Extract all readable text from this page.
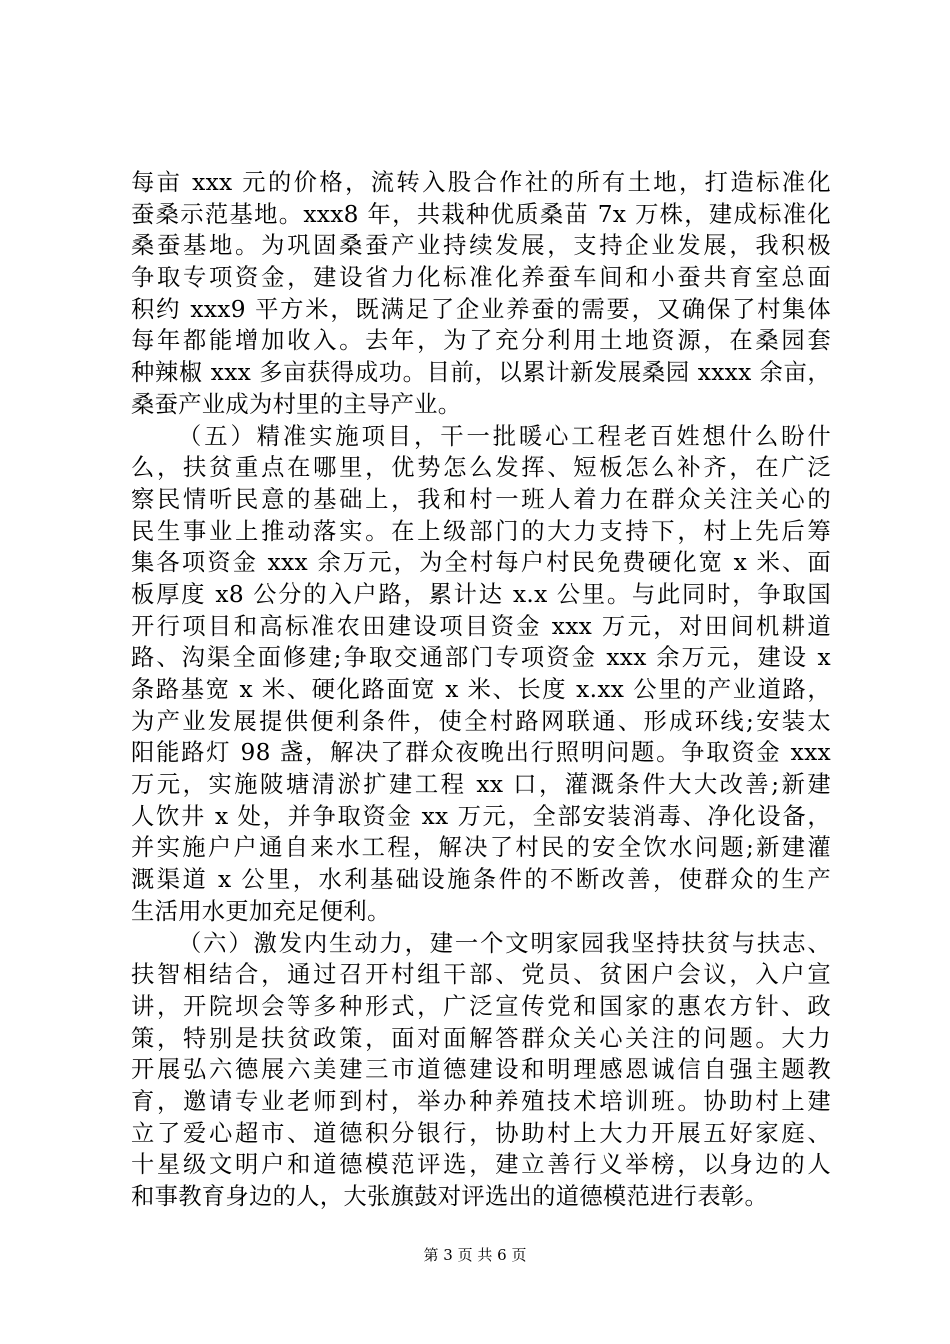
每亩 xxx 元的价格，流转入股合作社的所有土地，打造标准化
蚕桑示范基地。xxx8 年，共栽种优质桑苗 7x 万株，建成标准化
桑蚕基地。为巩固桑蚕产业持续发展，支持企业发展，我积极
争取专项资金，建设省力化标准化养蚕车间和小蚕共育室总面
积约 xxx9 平方米，既满足了企业养蚕的需要，又确保了村集体
每年都能增加收入。去年，为了充分利用土地资源，在桑园套
种辣椒 xxx 多亩获得成功。目前，以累计新发展桑园 xxxx 余亩，
桑蚕产业成为村里的主导产业。
（五）精准实施项目，干一批暖心工程老百姓想什么盼什
么，扶贫重点在哪里，优势怎么发挥、短板怎么补齐，在广泛
察民情听民意的基础上，我和村一班人着力在群众关注关心的
民生事业上推动落实。在上级部门的大力支持下，村上先后筹
集各项资金 xxx 余万元，为全村每户村民免费硬化宽 x 米、面
板厚度 x8 公分的入户路，累计达 x.x 公里。与此同时，争取国
开行项目和高标准农田建设项目资金 xxx 万元，对田间机耕道
路、沟渠全面修建;争取交通部门专项资金 xxx 余万元，建设 x
条路基宽 x 米、硬化路面宽 x 米、长度 x.xx 公里的产业道路，
为产业发展提供便利条件，使全村路网联通、形成环线;安装太
阳能路灯 98 盏，解决了群众夜晚出行照明问题。争取资金 xxx
万元，实施陂塘清淤扩建工程 xx 口，灌溉条件大大改善;新建
人饮井 x 处，并争取资金 xx 万元，全部安装消毒、净化设备，
并实施户户通自来水工程，解决了村民的安全饮水问题;新建灌
溉渠道 x 公里，水利基础设施条件的不断改善，使群众的生产
生活用水更加充足便利。
（六）激发内生动力，建一个文明家园我坚持扶贫与扶志、
扶智相结合，通过召开村组干部、党员、贫困户会议，入户宣
讲，开院坝会等多种形式，广泛宣传党和国家的惠农方针、政
策，特别是扶贫政策，面对面解答群众关心关注的问题。大力
开展弘六德展六美建三市道德建设和明理感恩诚信自强主题教
育，邀请专业老师到村，举办种养殖技术培训班。协助村上建
立了爱心超市、道德积分银行，协助村上大力开展五好家庭、
十星级文明户和道德模范评选，建立善行义举榜，以身边的人
和事教育身边的人，大张旗鼓对评选出的道德模范进行表彰。
第 3 页 共 6 页
